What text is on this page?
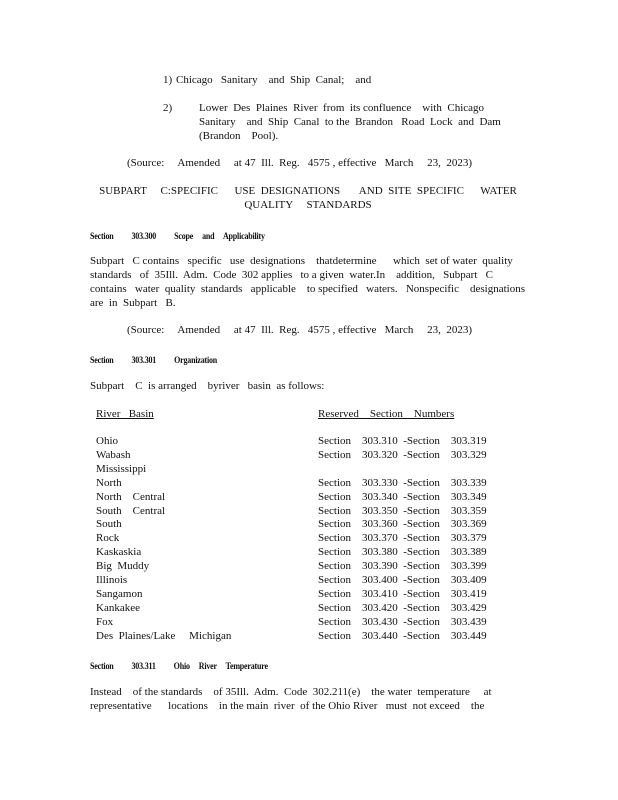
1) Chicago   Sanitary    and  Ship  Canal;    and
2) Lower  Des  Plaines  River  from  its confluence    with  Chicago
Sanitary    and  Ship  Canal  to the  Brandon   Road  Lock  and  Dam
(Brandon    Pool).
(Source:     Amended     at 47  Ill.  Reg.   4575 , effective   March     23,  2023)
SUBPART     C:SPECIFIC      USE  DESIGNATIONS       AND  SITE  SPECIFIC      WATER
QUALITY     STANDARDS
Section 303.300 Scope     and     Applicability
Subpart   C contains   specific   use  designations    thatdetermine      which  set of water  quality
standards   of  35Ill.  Adm.  Code  302 applies   to a given  water.In    addition,   Subpart   C
contains   water  quality  standards   applicable    to specified   waters.   Nonspecific    designations
are  in  Subpart   B.
(Source:     Amended     at 47  Ill.  Reg.   4575 , effective   March     23,  2023)
Section 303.301 Organization
Subpart    C  is arranged    byriver   basin  as follows:
River   Basin	Reserved    Section    Numbers
Ohio	Section    303.310  -Section    303.319
Wabash	Section    303.320  -Section    303.329
Mississippi
North	Section    303.330  -Section    303.339
North    Central	Section    303.340  -Section    303.349
South    Central	Section    303.350  -Section    303.359
South	Section    303.360  -Section    303.369
Rock	Section    303.370  -Section    303.379
Kaskaskia	Section    303.380  -Section    303.389
Big  Muddy	Section    303.390  -Section    303.399
Illinois	Section    303.400  -Section    303.409
Sangamon	Section    303.410  -Section    303.419
Kankakee	Section    303.420  -Section    303.429
Fox	Section    303.430  -Section    303.439
Des  Plaines/Lake     Michigan	Section    303.440  -Section    303.449
Section 303.311 Ohio     River     Temperature
Instead    of the standards    of 35Ill.  Adm.  Code  302.211(e)    the water  temperature     at
representative      locations    in the main  river  of the Ohio River   must  not exceed    the
